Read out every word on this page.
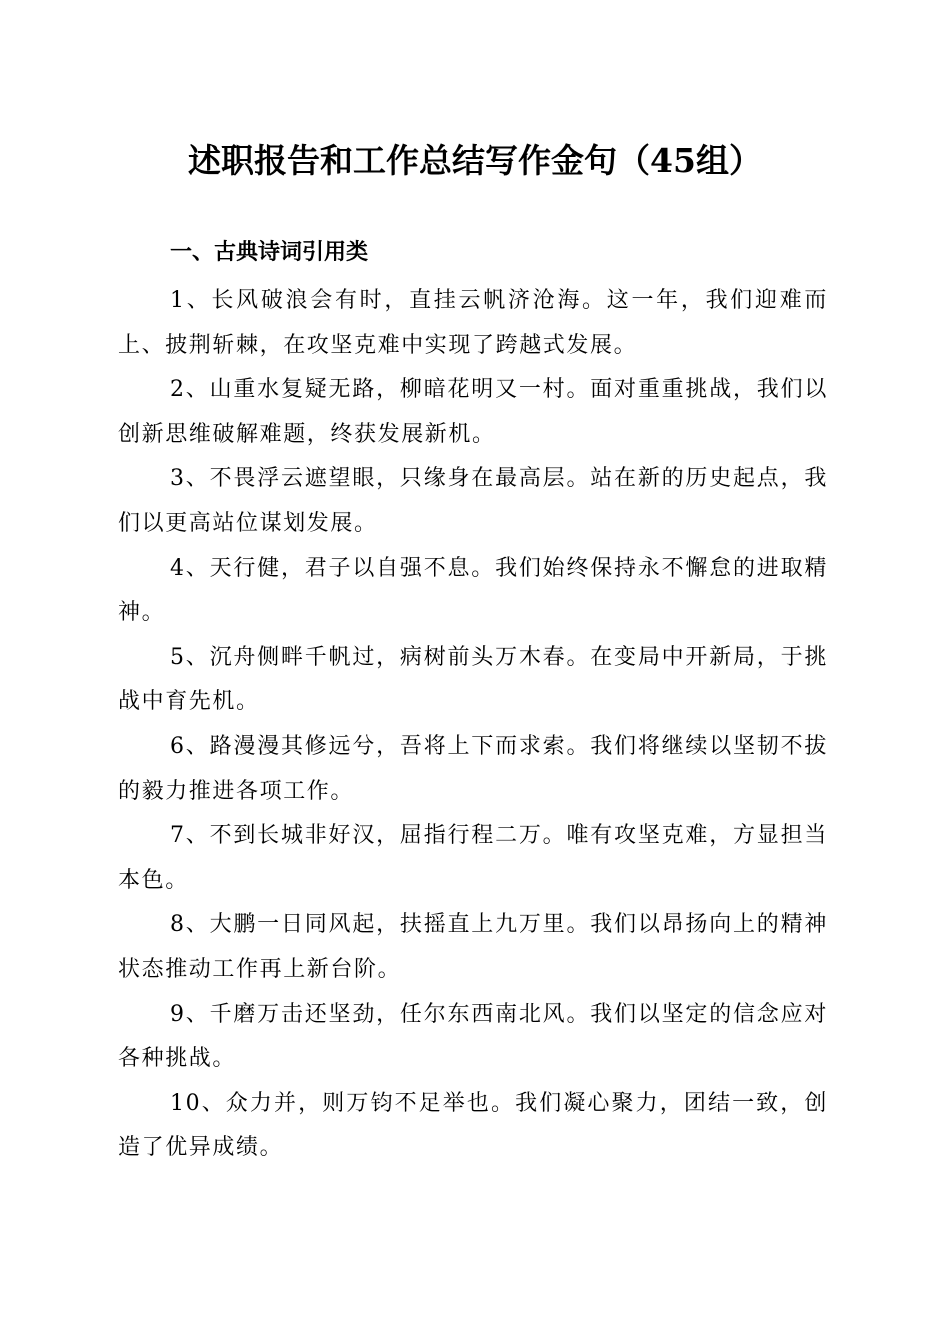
述职报告和工作总结写作金句（45组）
一、古典诗词引用类

1、长风破浪会有时，直挂云帆济沧海。这一年，我们迎难而上、披荆斩棘，在攻坚克难中实现了跨越式发展。

2、山重水复疑无路，柳暗花明又一村。面对重重挑战，我们以创新思维破解难题，终获发展新机。

3、不畏浮云遮望眼，只缘身在最高层。站在新的历史起点，我们以更高站位谋划发展。

4、天行健，君子以自强不息。我们始终保持永不懈怠的进取精神。

5、沉舟侧畔千帆过，病树前头万木春。在变局中开新局，于挑战中育先机。

6、路漫漫其修远兮，吾将上下而求索。我们将继续以坚韧不拔的毅力推进各项工作。

7、不到长城非好汉，屈指行程二万。唯有攻坚克难，方显担当本色。

8、大鹏一日同风起，扶摇直上九万里。我们以昂扬向上的精神状态推动工作再上新台阶。

9、千磨万击还坚劲，任尔东西南北风。我们以坚定的信念应对各种挑战。

10、众力并，则万钧不足举也。我们凝心聚力，团结一致，创造了优异成绩。
